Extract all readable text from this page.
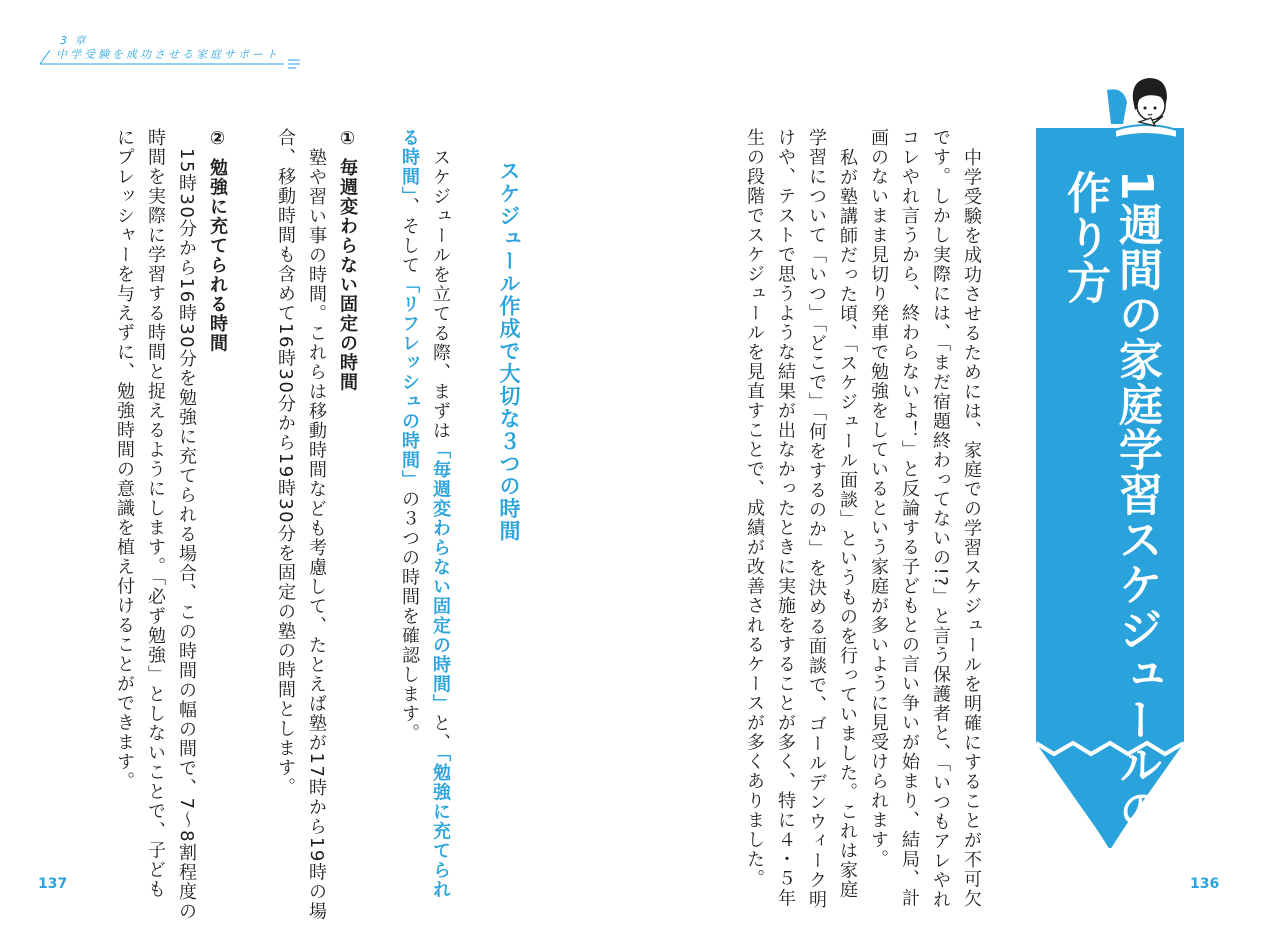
3 章
中学受験を成功させる家庭サポート

1週間の家庭学習スケジュールの

作り方

中学受験を成功させるためには、家庭での学習スケジュールを明確にすることが不可欠

です。しかし実際には、「まだ宿題終わってないの!?」と言う保護者と、「いつもアレやれ

コレやれ言うから、終わらないよ！」と反論する子どもとの言い争いが始まり、結局、計

画のないまま見切り発車で勉強をしているという家庭が多いように見受けられます。

私が塾講師だった頃、「スケジュール面談」というものを行っていました。これは家庭

学習について「いつ」「どこで」「何をするのか」を決める面談で、ゴールデンウィーク明

けや、テストで思うような結果が出なかったときに実施をすることが多く、特に４・５年

生の段階でスケジュールを見直すことで、成績が改善されるケースが多くありました。

スケジュール作成で大切な３つの時間

スケジュールを立てる際、まずは「毎週変わらない固定の時間」と、「勉強に充てられ

る時間」、そして「リフレッシュの時間」の３つの時間を確認します。

① 毎週変わらない固定の時間

塾や習い事の時間。これらは移動時間なども考慮して、たとえば塾が17時から19時の場

合、移動時間も含めて16時30分から19時30分を固定の塾の時間とします。

② 勉強に充てられる時間

15時30分から16時30分を勉強に充てられる場合、この時間の幅の間で、7〜8割程度の

時間を実際に学習する時間と捉えるようにします。「必ず勉強」としないことで、子ども

にプレッシャーを与えずに、勉強時間の意識を植え付けることができます。

137	136
